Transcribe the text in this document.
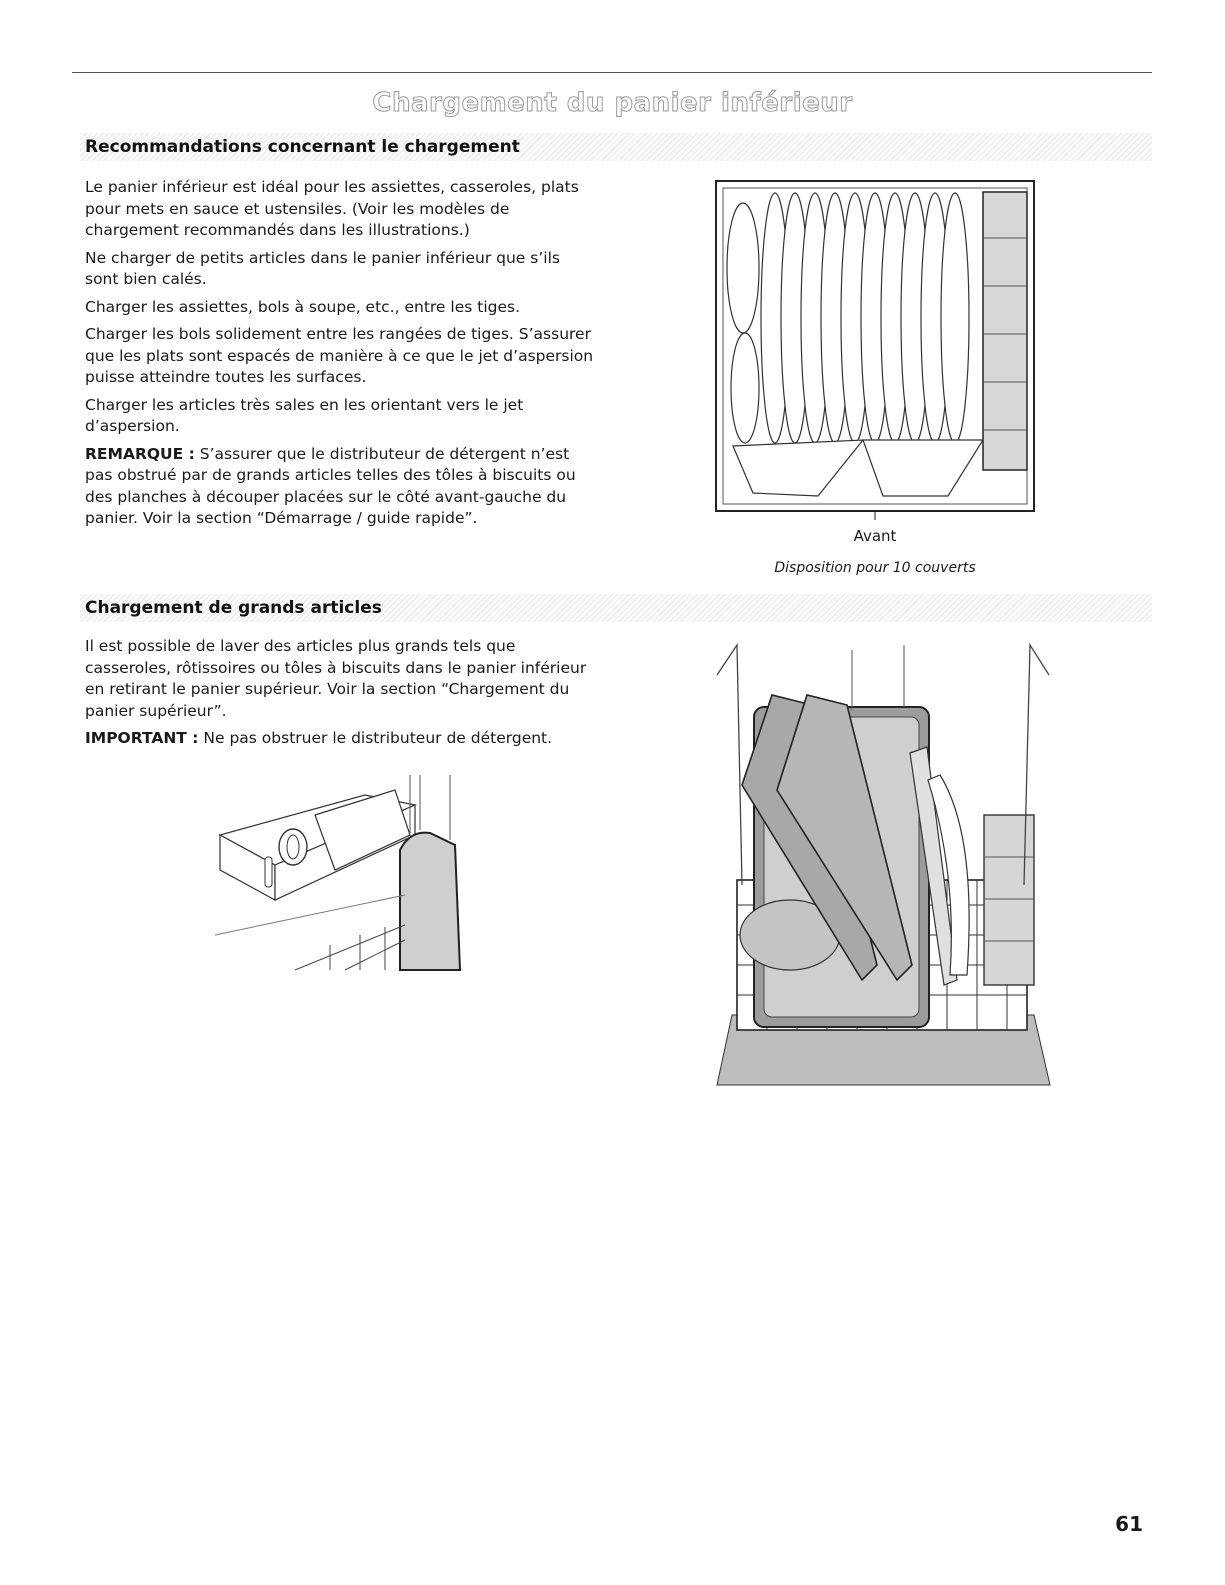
Chargement du panier inférieur
Recommandations concernant le chargement

Le panier inférieur est idéal pour les assiettes, casseroles, plats pour mets en sauce et ustensiles. (Voir les modèles de chargement recommandés dans les illustrations.)

Ne charger de petits articles dans le panier inférieur que s’ils sont bien calés.

Charger les assiettes, bols à soupe, etc., entre les tiges.

Charger les bols solidement entre les rangées de tiges. S’assurer que les plats sont espacés de manière à ce que le jet d’aspersion puisse atteindre toutes les surfaces.

Charger les articles très sales en les orientant vers le jet d’aspersion.

REMARQUE : S’assurer que le distributeur de détergent n’est pas obstrué par de grands articles telles des tôles à biscuits ou des planches à découper placées sur le côté avant-gauche du panier. Voir la section “Démarrage / guide rapide”.

Avant
Disposition pour 10 couverts
Chargement de grands articles

Il est possible de laver des articles plus grands tels que casseroles, rôtissoires ou tôles à biscuits dans le panier inférieur en retirant le panier supérieur. Voir la section “Chargement du panier supérieur”.

IMPORTANT : Ne pas obstruer le distributeur de détergent.

61
